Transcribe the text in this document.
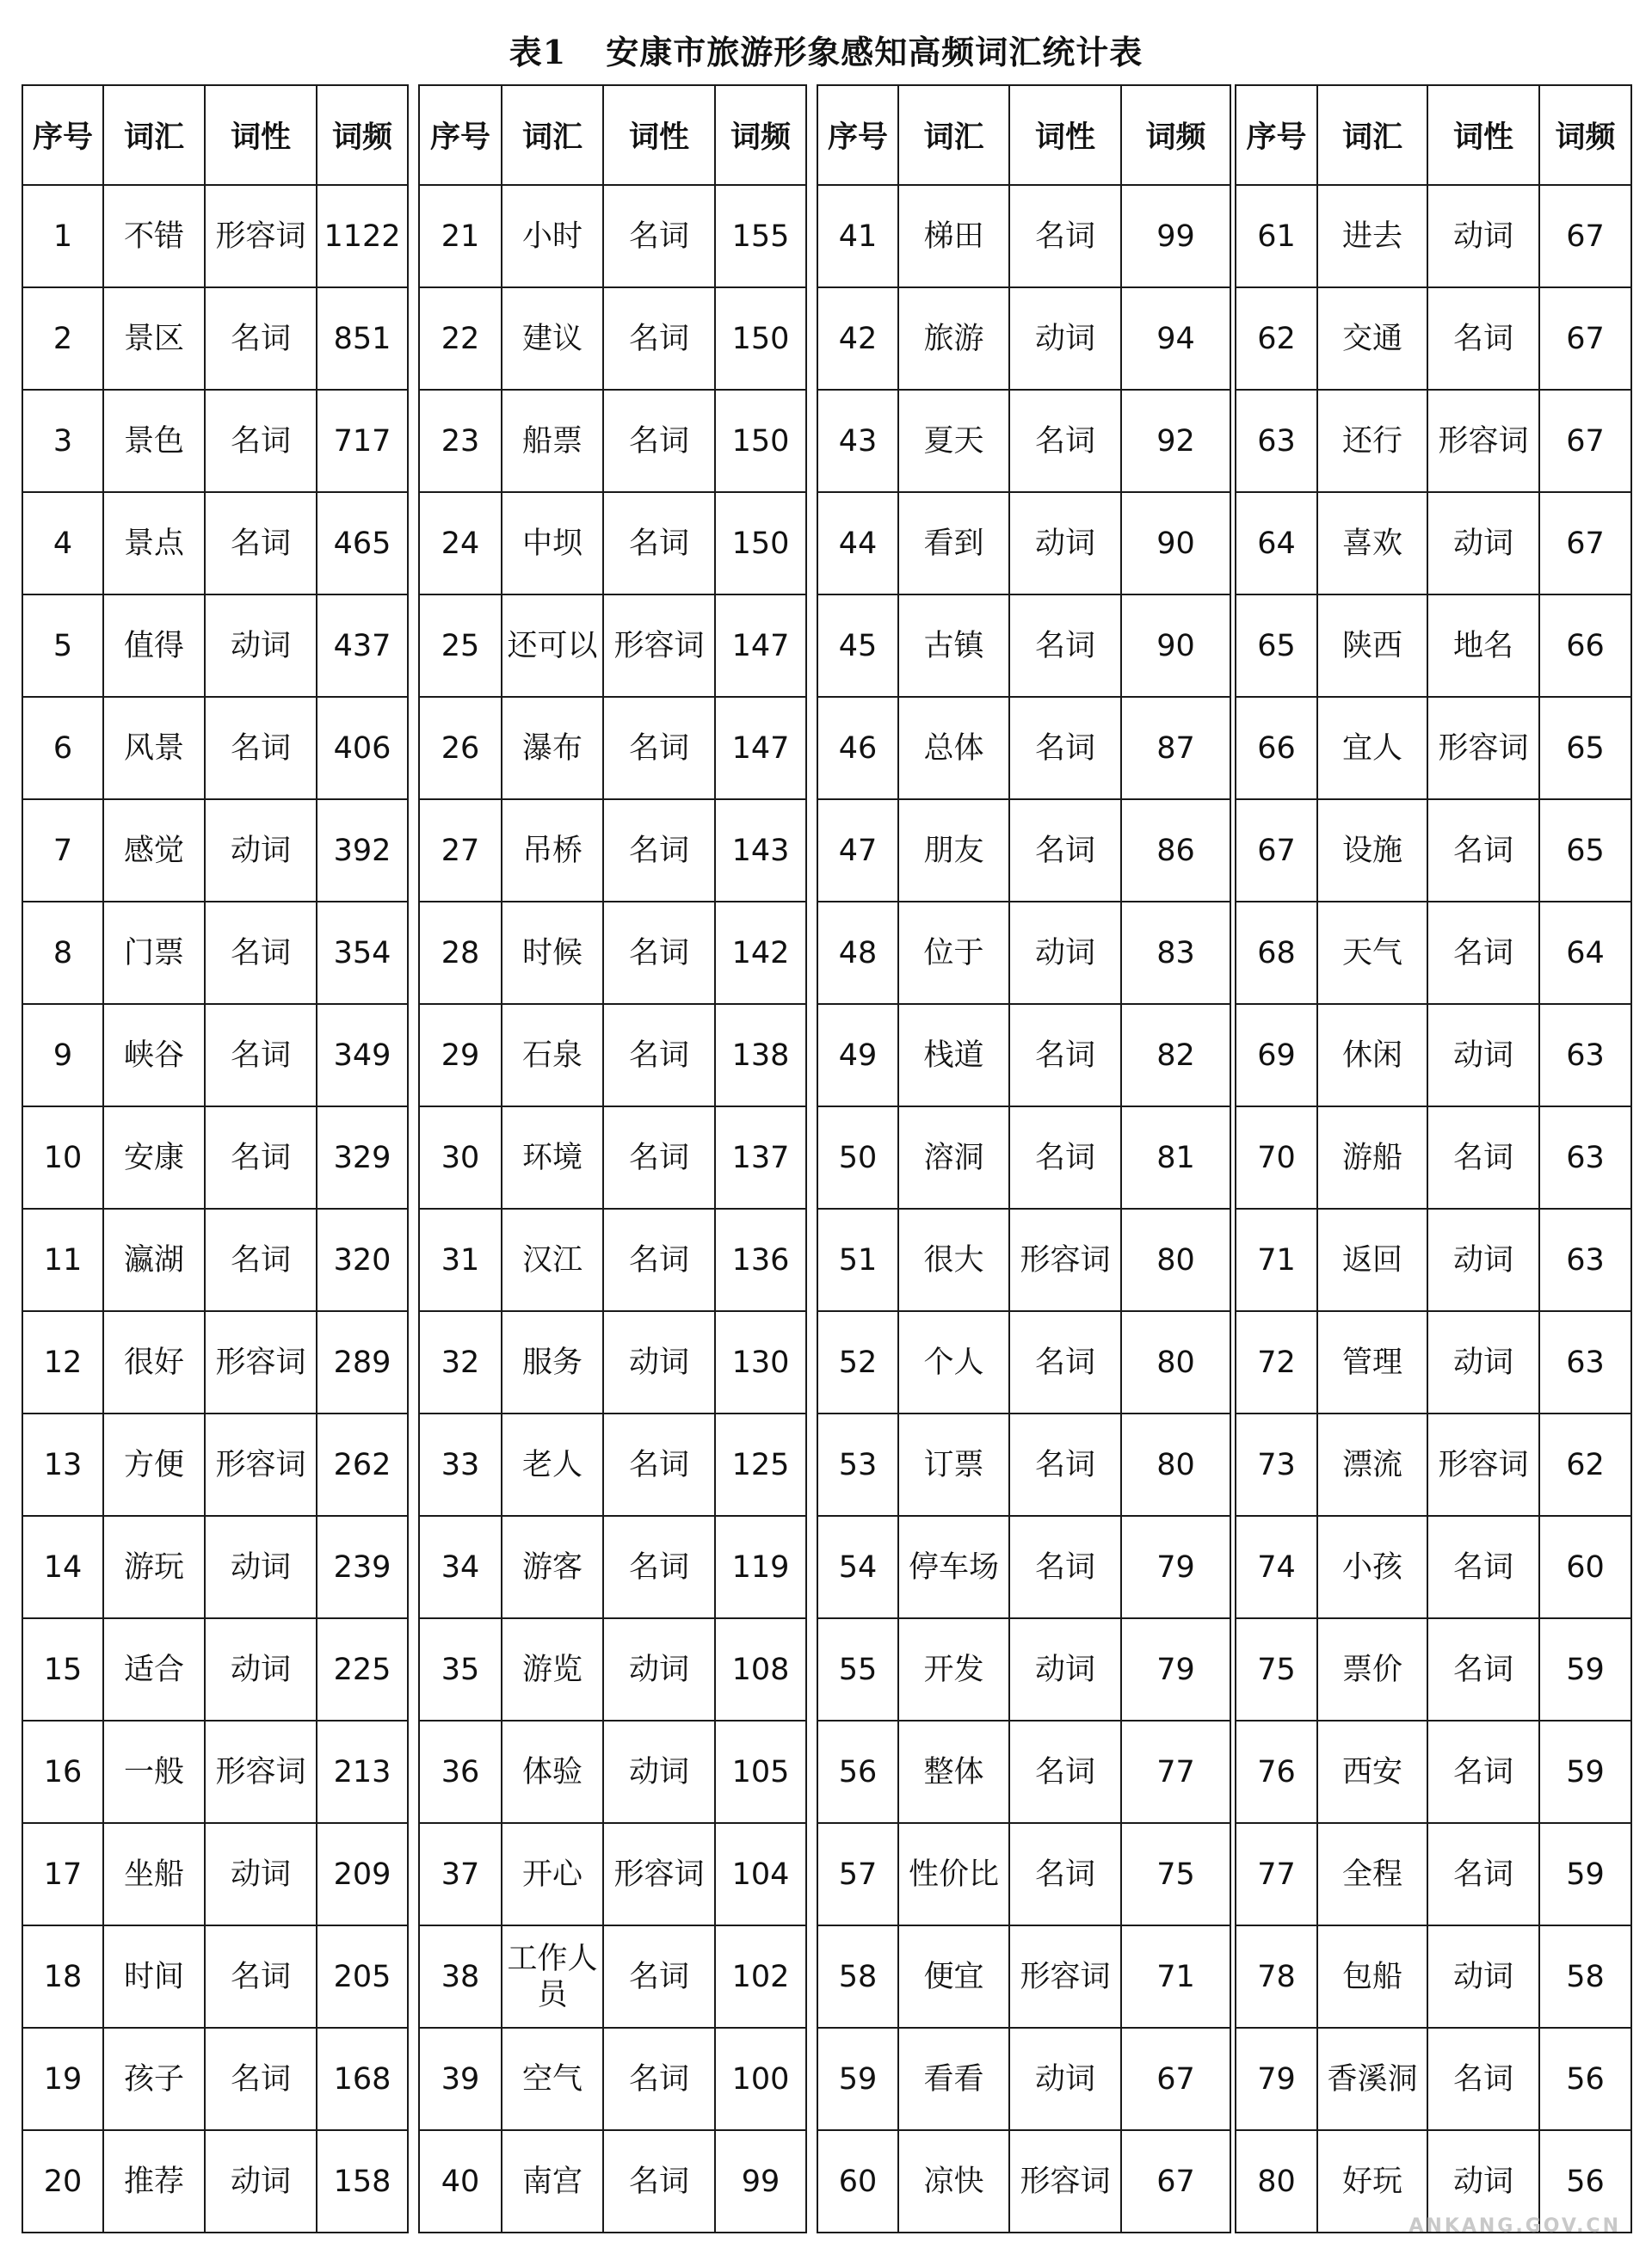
表1 安康市旅游形象感知高频词汇统计表
序号	词汇	词性	词频
1	不错	形容词	1122
2	景区	名词	851
3	景色	名词	717
4	景点	名词	465
5	值得	动词	437
6	风景	名词	406
7	感觉	动词	392
8	门票	名词	354
9	峡谷	名词	349
10	安康	名词	329
11	瀛湖	名词	320
12	很好	形容词	289
13	方便	形容词	262
14	游玩	动词	239
15	适合	动词	225
16	一般	形容词	213
17	坐船	动词	209
18	时间	名词	205
19	孩子	名词	168
20	推荐	动词	158
序号	词汇	词性	词频
21	小时	名词	155
22	建议	名词	150
23	船票	名词	150
24	中坝	名词	150
25	还可以	形容词	147
26	瀑布	名词	147
27	吊桥	名词	143
28	时候	名词	142
29	石泉	名词	138
30	环境	名词	137
31	汉江	名词	136
32	服务	动词	130
33	老人	名词	125
34	游客	名词	119
35	游览	动词	108
36	体验	动词	105
37	开心	形容词	104
38	工作人员	名词	102
39	空气	名词	100
40	南宫	名词	99
序号	词汇	词性	词频
41	梯田	名词	99
42	旅游	动词	94
43	夏天	名词	92
44	看到	动词	90
45	古镇	名词	90
46	总体	名词	87
47	朋友	名词	86
48	位于	动词	83
49	栈道	名词	82
50	溶洞	名词	81
51	很大	形容词	80
52	个人	名词	80
53	订票	名词	80
54	停车场	名词	79
55	开发	动词	79
56	整体	名词	77
57	性价比	名词	75
58	便宜	形容词	71
59	看看	动词	67
60	凉快	形容词	67
序号	词汇	词性	词频
61	进去	动词	67
62	交通	名词	67
63	还行	形容词	67
64	喜欢	动词	67
65	陕西	地名	66
66	宜人	形容词	65
67	设施	名词	65
68	天气	名词	64
69	休闲	动词	63
70	游船	名词	63
71	返回	动词	63
72	管理	动词	63
73	漂流	形容词	62
74	小孩	名词	60
75	票价	名词	59
76	西安	名词	59
77	全程	名词	59
78	包船	动词	58
79	香溪洞	名词	56
80	好玩	动词	56
ANKANG.GOV.CN
